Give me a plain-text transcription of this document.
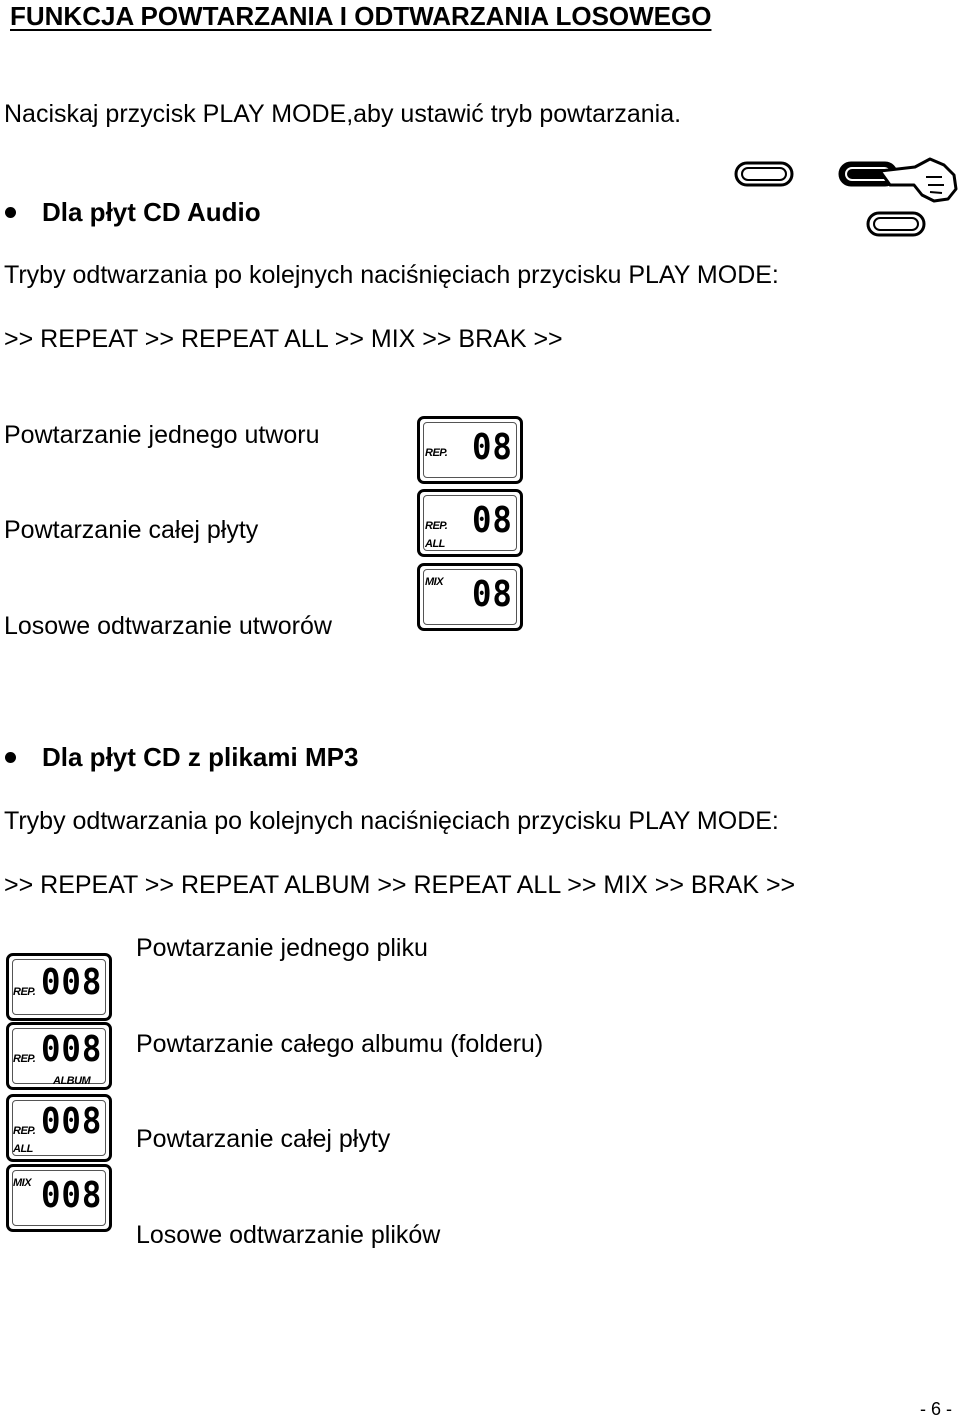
FUNKCJA POWTARZANIA I ODTWARZANIA LOSOWEGO
Naciskaj przycisk PLAY MODE,aby ustawić tryb powtarzania.
Dla płyt CD Audio
Tryby odtwarzania po kolejnych naciśnięciach przycisku PLAY MODE:
>> REPEAT >> REPEAT ALL >> MIX >> BRAK >>
Powtarzanie jednego utworu
Powtarzanie całej płyty
Losowe odtwarzanie utworów
REP. 08
REP.
ALL
08
MIX 08
Dla płyt CD z plikami MP3
Tryby odtwarzania po kolejnych naciśnięciach przycisku PLAY MODE:
>> REPEAT >> REPEAT ALBUM >> REPEAT ALL >> MIX >> BRAK >>
Powtarzanie jednego pliku
Powtarzanie całego albumu (folderu)
Powtarzanie całej płyty
Losowe odtwarzanie plików
REP. 008
REP. 008
ALBUM
REP.
ALL
008
MIX 008
- 6 -
